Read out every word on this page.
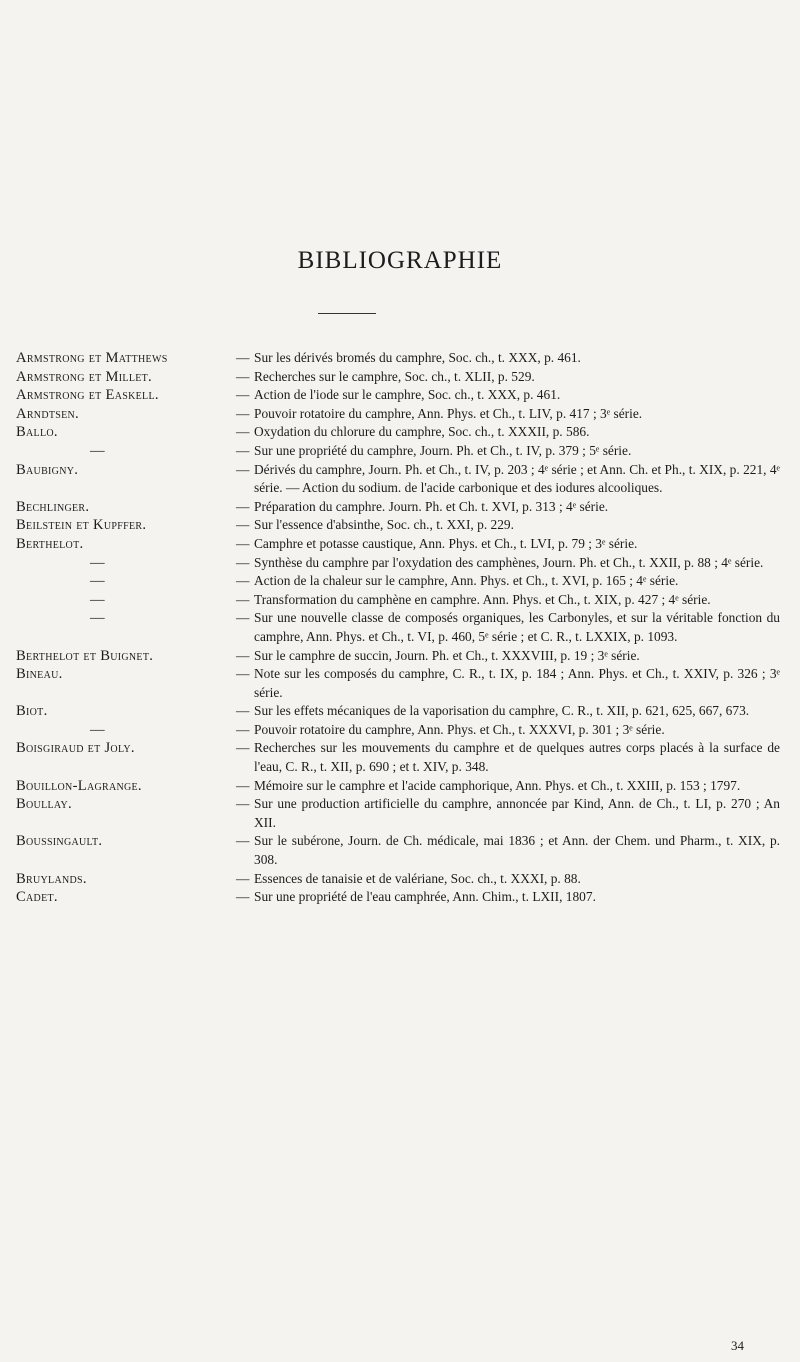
BIBLIOGRAPHIE
Armstrong et Matthews	— Sur les dérivés bromés du camphre, Soc. ch., t. XXX, p. 461.
Armstrong et Millet.	— Recherches sur le camphre, Soc. ch., t. XLII, p. 529.
Armstrong et Easkell.	— Action de l'iode sur le camphre, Soc. ch., t. XXX, p. 461.
Arndtsen.	— Pouvoir rotatoire du camphre, Ann. Phys. et Ch., t. LIV, p. 417 ; 3ᵉ série.
Ballo.	— Oxydation du chlorure du camphre, Soc. ch., t. XXXII, p. 586.
—	— Sur une propriété du camphre, Journ. Ph. et Ch., t. IV, p. 379 ; 5ᵉ série.
Baubigny.	— Dérivés du camphre, Journ. Ph. et Ch., t. IV, p. 203 ; 4ᵉ série ; et Ann. Ch. et Ph., t. XIX, p. 221, 4ᵉ série. — Action du sodium. de l'acide carbonique et des iodures alcooliques.
Bechlinger.	— Préparation du camphre. Journ. Ph. et Ch. t. XVI, p. 313 ; 4ᵉ série.
Beilstein et Kupffer.	— Sur l'essence d'absinthe, Soc. ch., t. XXI, p. 229.
Berthelot.	— Camphre et potasse caustique, Ann. Phys. et Ch., t. LVI, p. 79 ; 3ᵉ série.
—	— Synthèse du camphre par l'oxydation des camphènes, Journ. Ph. et Ch., t. XXII, p. 88 ; 4ᵉ série.
—	— Action de la chaleur sur le camphre, Ann. Phys. et Ch., t. XVI, p. 165 ; 4ᵉ série.
—	— Transformation du camphène en camphre. Ann. Phys. et Ch., t. XIX, p. 427 ; 4ᵉ série.
—	— Sur une nouvelle classe de composés organiques, les Carbonyles, et sur la véritable fonction du camphre, Ann. Phys. et Ch., t. VI, p. 460, 5ᵉ série ; et C. R., t. LXXIX, p. 1093.
Berthelot et Buignet.	— Sur le camphre de succin, Journ. Ph. et Ch., t. XXXVIII, p. 19 ; 3ᵉ série.
Bineau.	— Note sur les composés du camphre, C. R., t. IX, p. 184 ; Ann. Phys. et Ch., t. XXIV, p. 326 ; 3ᵉ série.
Biot.	— Sur les effets mécaniques de la vaporisation du camphre, C. R., t. XII, p. 621, 625, 667, 673.
—	— Pouvoir rotatoire du camphre, Ann. Phys. et Ch., t. XXXVI, p. 301 ; 3ᵉ série.
Boisgiraud et Joly.	— Recherches sur les mouvements du camphre et de quelques autres corps placés à la surface de l'eau, C. R., t. XII, p. 690 ; et t. XIV, p. 348.
Bouillon-Lagrange.	— Mémoire sur le camphre et l'acide camphorique, Ann. Phys. et Ch., t. XXIII, p. 153 ; 1797.
Boullay.	— Sur une production artificielle du camphre, annoncée par Kind, Ann. de Ch., t. LI, p. 270 ; An XII.
Boussingault.	— Sur le subérone, Journ. de Ch. médicale, mai 1836 ; et Ann. der Chem. und Pharm., t. XIX, p. 308.
Bruylands.	— Essences de tanaisie et de valériane, Soc. ch., t. XXXI, p. 88.
Cadet.	— Sur une propriété de l'eau camphrée, Ann. Chim., t. LXII, 1807.
34
